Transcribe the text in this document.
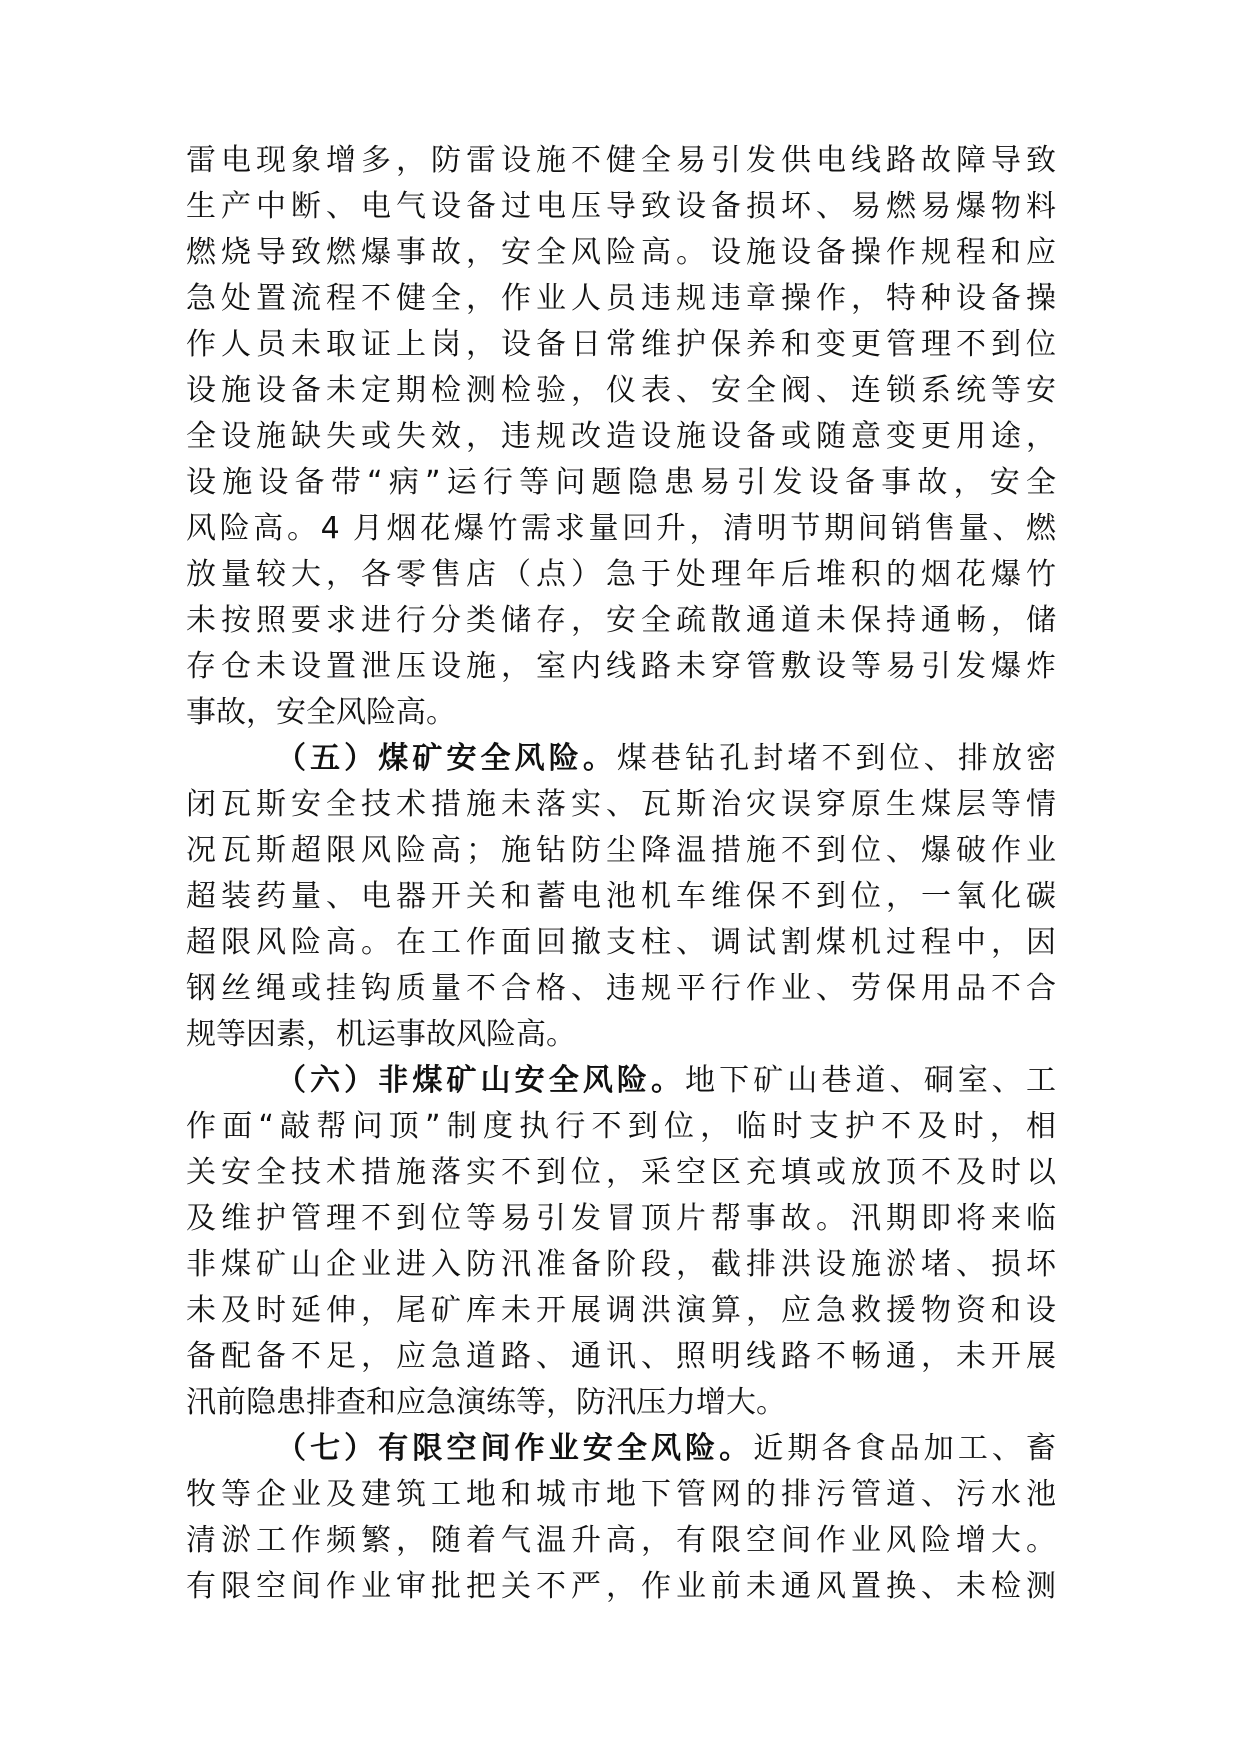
雷电现象增多，防雷设施不健全易引发供电线路故障导致
生产中断、电气设备过电压导致设备损坏、易燃易爆物料
燃烧导致燃爆事故，安全风险高。设施设备操作规程和应
急处置流程不健全，作业人员违规违章操作，特种设备操
作人员未取证上岗，设备日常维护保养和变更管理不到位
设施设备未定期检测检验，仪表、安全阀、连锁系统等安
全设施缺失或失效，违规改造设施设备或随意变更用途，
设施设备带“病”运行等问题隐患易引发设备事故，安全
风险高。4 月烟花爆竹需求量回升，清明节期间销售量、燃
放量较大，各零售店（点）急于处理年后堆积的烟花爆竹
未按照要求进行分类储存，安全疏散通道未保持通畅，储
存仓未设置泄压设施，室内线路未穿管敷设等易引发爆炸
事故，安全风险高。
（五）煤矿安全风险。煤巷钻孔封堵不到位、排放密
闭瓦斯安全技术措施未落实、瓦斯治灾误穿原生煤层等情
况瓦斯超限风险高；施钻防尘降温措施不到位、爆破作业
超装药量、电器开关和蓄电池机车维保不到位，一氧化碳
超限风险高。在工作面回撤支柱、调试割煤机过程中，因
钢丝绳或挂钩质量不合格、违规平行作业、劳保用品不合
规等因素，机运事故风险高。
（六）非煤矿山安全风险。地下矿山巷道、硐室、工
作面“敲帮问顶”制度执行不到位，临时支护不及时，相
关安全技术措施落实不到位，采空区充填或放顶不及时以
及维护管理不到位等易引发冒顶片帮事故。汛期即将来临
非煤矿山企业进入防汛准备阶段，截排洪设施淤堵、损坏
未及时延伸，尾矿库未开展调洪演算，应急救援物资和设
备配备不足，应急道路、通讯、照明线路不畅通，未开展
汛前隐患排查和应急演练等，防汛压力增大。
（七）有限空间作业安全风险。近期各食品加工、畜
牧等企业及建筑工地和城市地下管网的排污管道、污水池
清淤工作频繁，随着气温升高，有限空间作业风险增大。
有限空间作业审批把关不严，作业前未通风置换、未检测
